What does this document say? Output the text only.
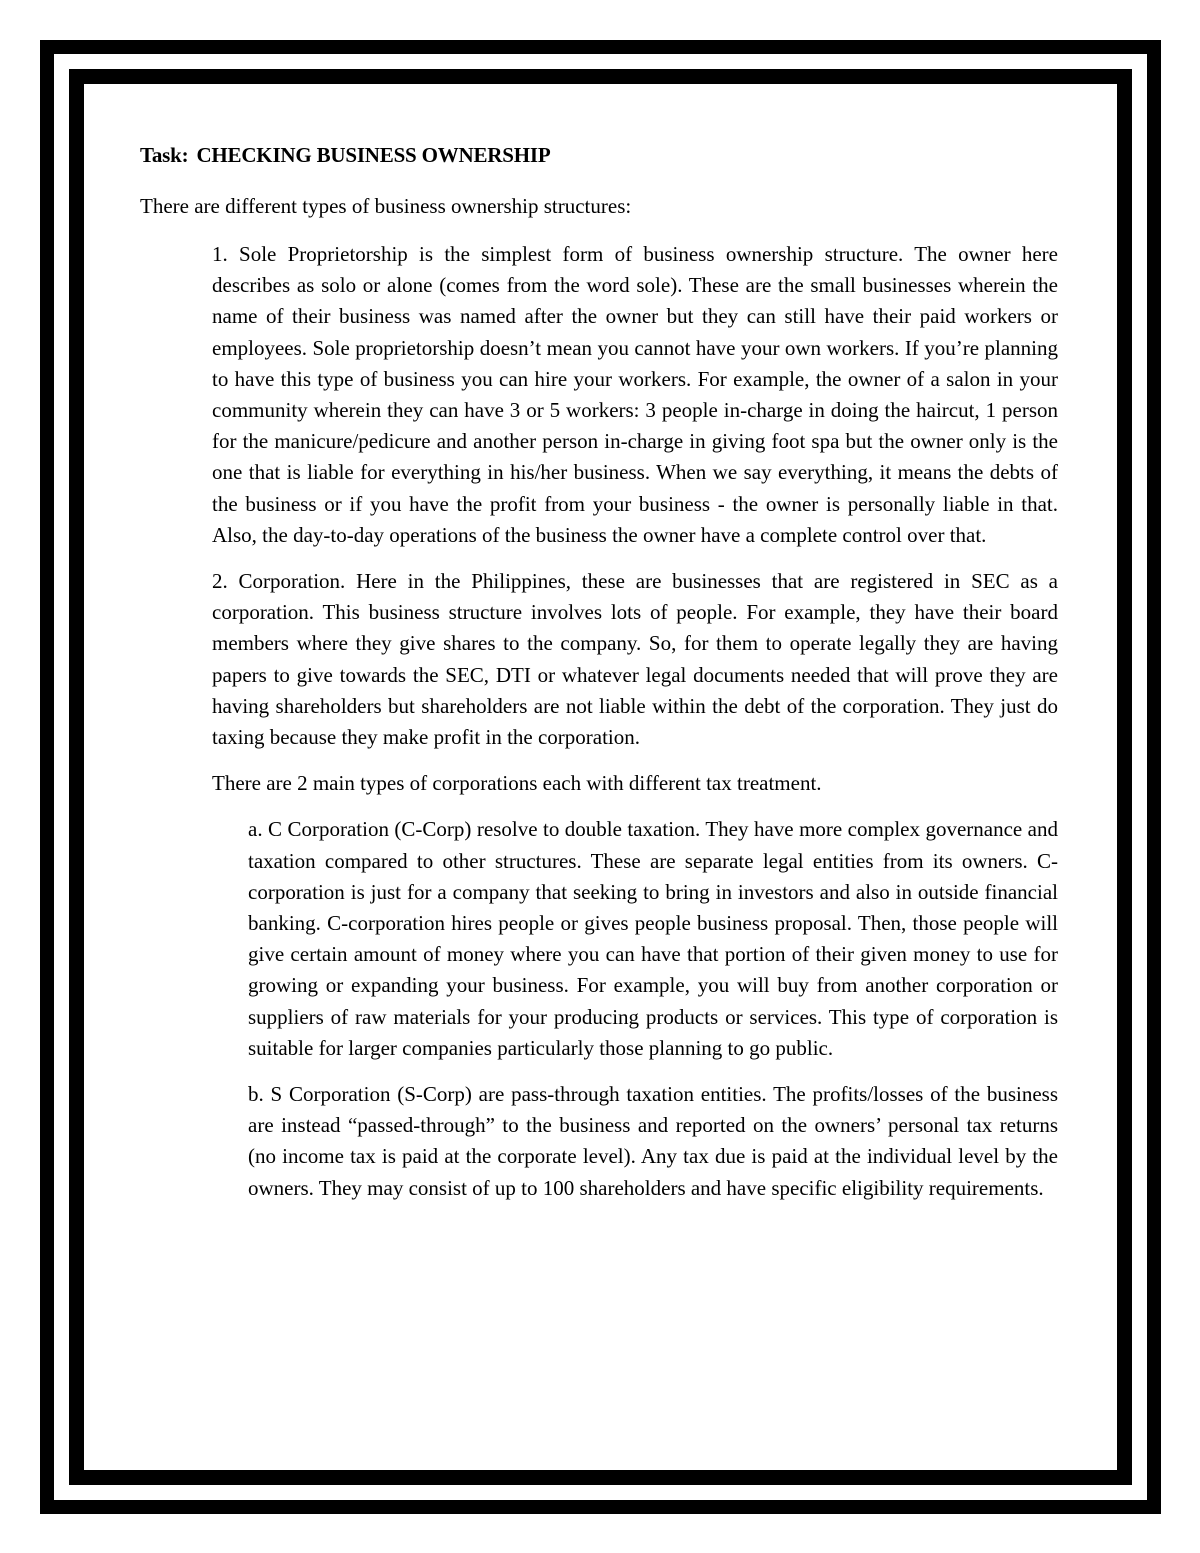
Task: CHECKING BUSINESS OWNERSHIP

There are different types of business ownership structures:

1. Sole Proprietorship is the simplest form of business ownership structure. The owner here describes as solo or alone (comes from the word sole). These are the small businesses wherein the name of their business was named after the owner but they can still have their paid workers or employees. Sole proprietorship doesn’t mean you cannot have your own workers. If you’re planning to have this type of business you can hire your workers. For example, the owner of a salon in your community wherein they can have 3 or 5 workers: 3 people in-charge in doing the haircut, 1 person for the manicure/pedicure and another person in-charge in giving foot spa but the owner only is the one that is liable for everything in his/her business. When we say everything, it means the debts of the business or if you have the profit from your business - the owner is personally liable in that. Also, the day-to-day operations of the business the owner have a complete control over that.

2. Corporation. Here in the Philippines, these are businesses that are registered in SEC as a corporation. This business structure involves lots of people. For example, they have their board members where they give shares to the company. So, for them to operate legally they are having papers to give towards the SEC, DTI or whatever legal documents needed that will prove they are having shareholders but shareholders are not liable within the debt of the corporation. They just do taxing because they make profit in the corporation.

There are 2 main types of corporations each with different tax treatment.

a. C Corporation (C-Corp) resolve to double taxation. They have more complex governance and taxation compared to other structures. These are separate legal entities from its owners. C-corporation is just for a company that seeking to bring in investors and also in outside financial banking. C-corporation hires people or gives people business proposal. Then, those people will give certain amount of money where you can have that portion of their given money to use for growing or expanding your business. For example, you will buy from another corporation or suppliers of raw materials for your producing products or services. This type of corporation is suitable for larger companies particularly those planning to go public.

b. S Corporation (S-Corp) are pass-through taxation entities. The profits/losses of the business are instead “passed-through” to the business and reported on the owners’ personal tax returns (no income tax is paid at the corporate level). Any tax due is paid at the individual level by the owners. They may consist of up to 100 shareholders and have specific eligibility requirements.
